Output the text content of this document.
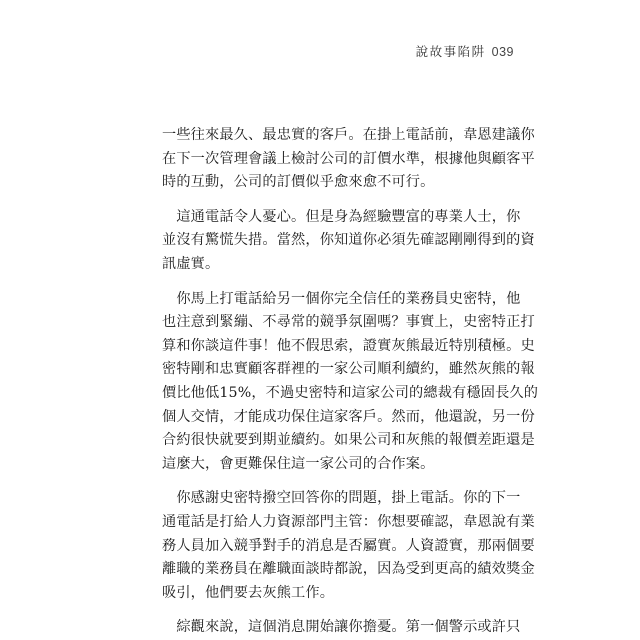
說故事陷阱 039
一些往來最久、最忠實的客戶。在掛上電話前，韋恩建議你
在下一次管理會議上檢討公司的訂價水準，根據他與顧客平
時的互動，公司的訂價似乎愈來愈不可行。
　這通電話令人憂心。但是身為經驗豐富的專業人士，你
並沒有驚慌失措。當然，你知道你必須先確認剛剛得到的資
訊虛實。
　你馬上打電話給另一個你完全信任的業務員史密特，他
也注意到緊繃、不尋常的競爭氛圍嗎？事實上，史密特正打
算和你談這件事！他不假思索，證實灰熊最近特別積極。史
密特剛和忠實顧客群裡的一家公司順利續約，雖然灰熊的報
價比他低15%，不過史密特和這家公司的總裁有穩固長久的
個人交情，才能成功保住這家客戶。然而，他還說，另一份
合約很快就要到期並續約。如果公司和灰熊的報價差距還是
這麼大，會更難保住這一家公司的合作案。
　你感謝史密特撥空回答你的問題，掛上電話。你的下一
通電話是打給人力資源部門主管：你想要確認，韋恩說有業
務人員加入競爭對手的消息是否屬實。人資證實，那兩個要
離職的業務員在離職面談時都說，因為受到更高的績效獎金
吸引，他們要去灰熊工作。
　綜觀來說，這個消息開始讓你擔憂。第一個警示或許只
